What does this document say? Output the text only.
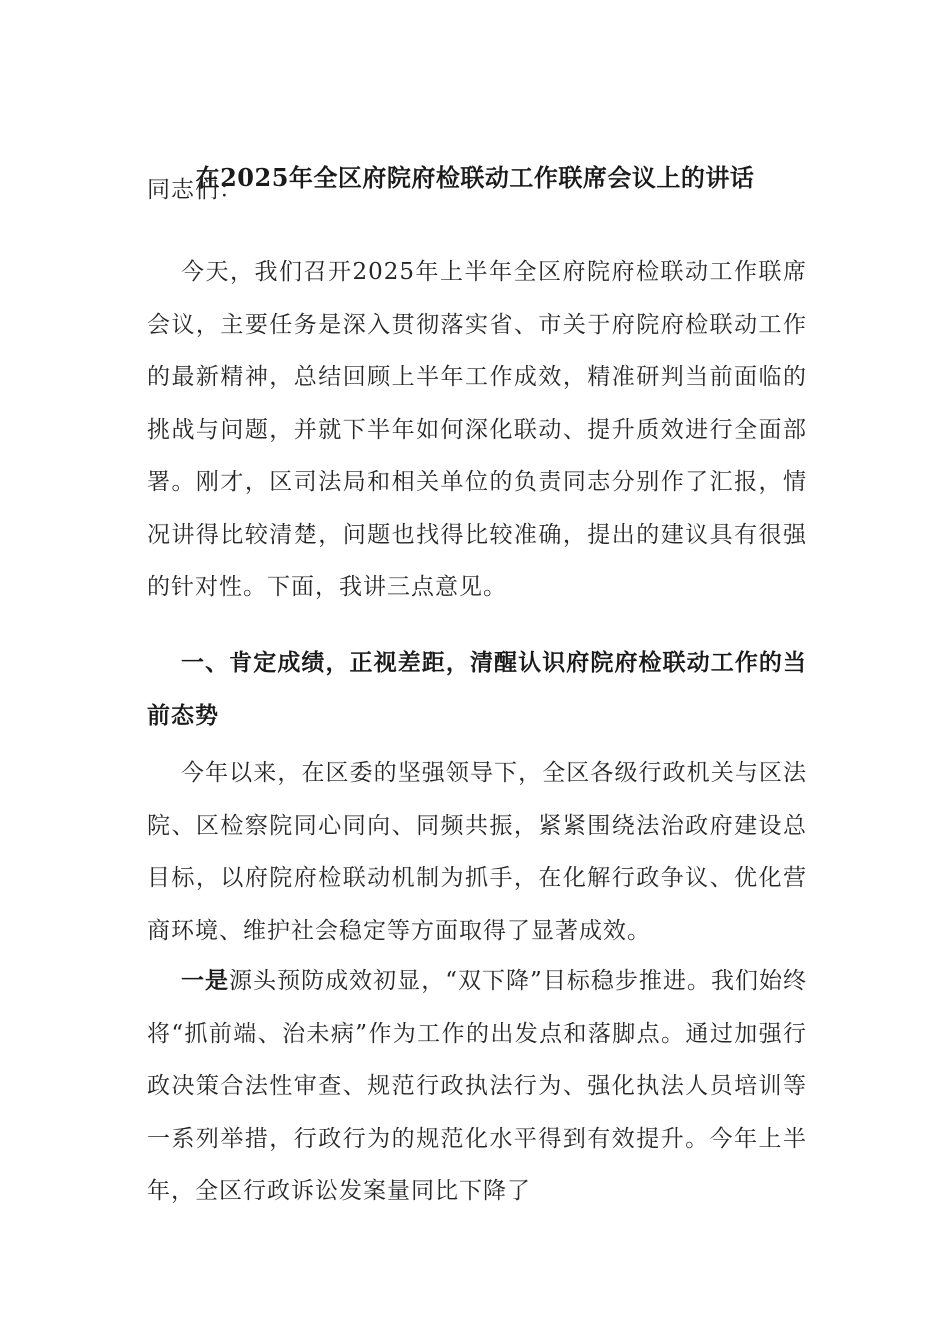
在2025年全区府院府检联动工作联席会议上的讲话
同志们：
今天，我们召开2025年上半年全区府院府检联动工作联席会议，主要任务是深入贯彻落实省、市关于府院府检联动工作的最新精神，总结回顾上半年工作成效，精准研判当前面临的挑战与问题，并就下半年如何深化联动、提升质效进行全面部署。刚才，区司法局和相关单位的负责同志分别作了汇报，情况讲得比较清楚，问题也找得比较准确，提出的建议具有很强的针对性。下面，我讲三点意见。
一、肯定成绩，正视差距，清醒认识府院府检联动工作的当前态势
今年以来，在区委的坚强领导下，全区各级行政机关与区法院、区检察院同心同向、同频共振，紧紧围绕法治政府建设总目标，以府院府检联动机制为抓手，在化解行政争议、优化营商环境、维护社会稳定等方面取得了显著成效。
一是源头预防成效初显，“双下降”目标稳步推进。我们始终将“抓前端、治未病”作为工作的出发点和落脚点。通过加强行政决策合法性审查、规范行政执法行为、强化执法人员培训等一系列举措，行政行为的规范化水平得到有效提升。今年上半年，全区行政诉讼发案量同比下降了
